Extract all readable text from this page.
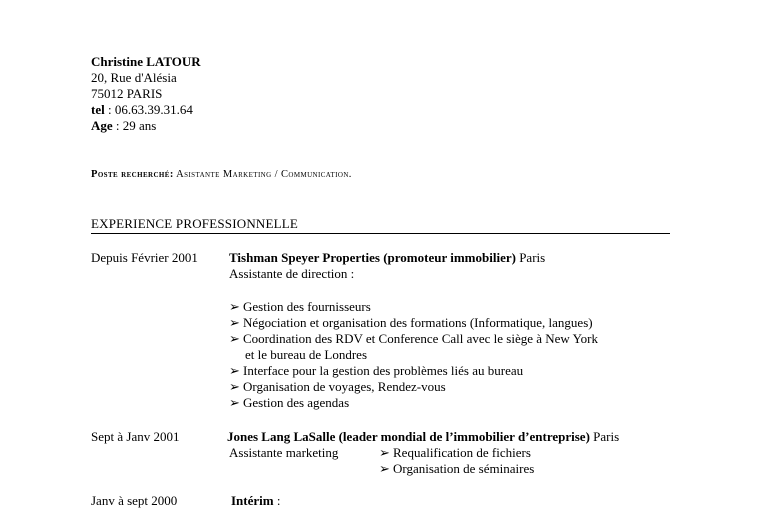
Christine LATOUR
20, Rue d'Alésia
75012 PARIS
tel : 06.63.39.31.64
Age : 29 ans
Poste recherché: Asistante Marketing / Communication.
EXPERIENCE PROFESSIONNELLE
Depuis Février 2001 Tishman Speyer Properties (promoteur immobilier) Paris
Assistante de direction :
➢ Gestion des fournisseurs
➢ Négociation et organisation des formations (Informatique, langues)
➢ Coordination des RDV et Conference Call avec le siège à New York
et le bureau de Londres
➢ Interface pour la gestion des problèmes liés au bureau
➢ Organisation de voyages, Rendez-vous
➢ Gestion des agendas
Sept à Janv 2001	Jones Lang LaSalle (leader mondial de l’immobilier d’entreprise) Paris
Assistante marketing	➢ Requalification de fichiers
➢ Organisation de séminaires
Janv à sept 2000	Intérim :
